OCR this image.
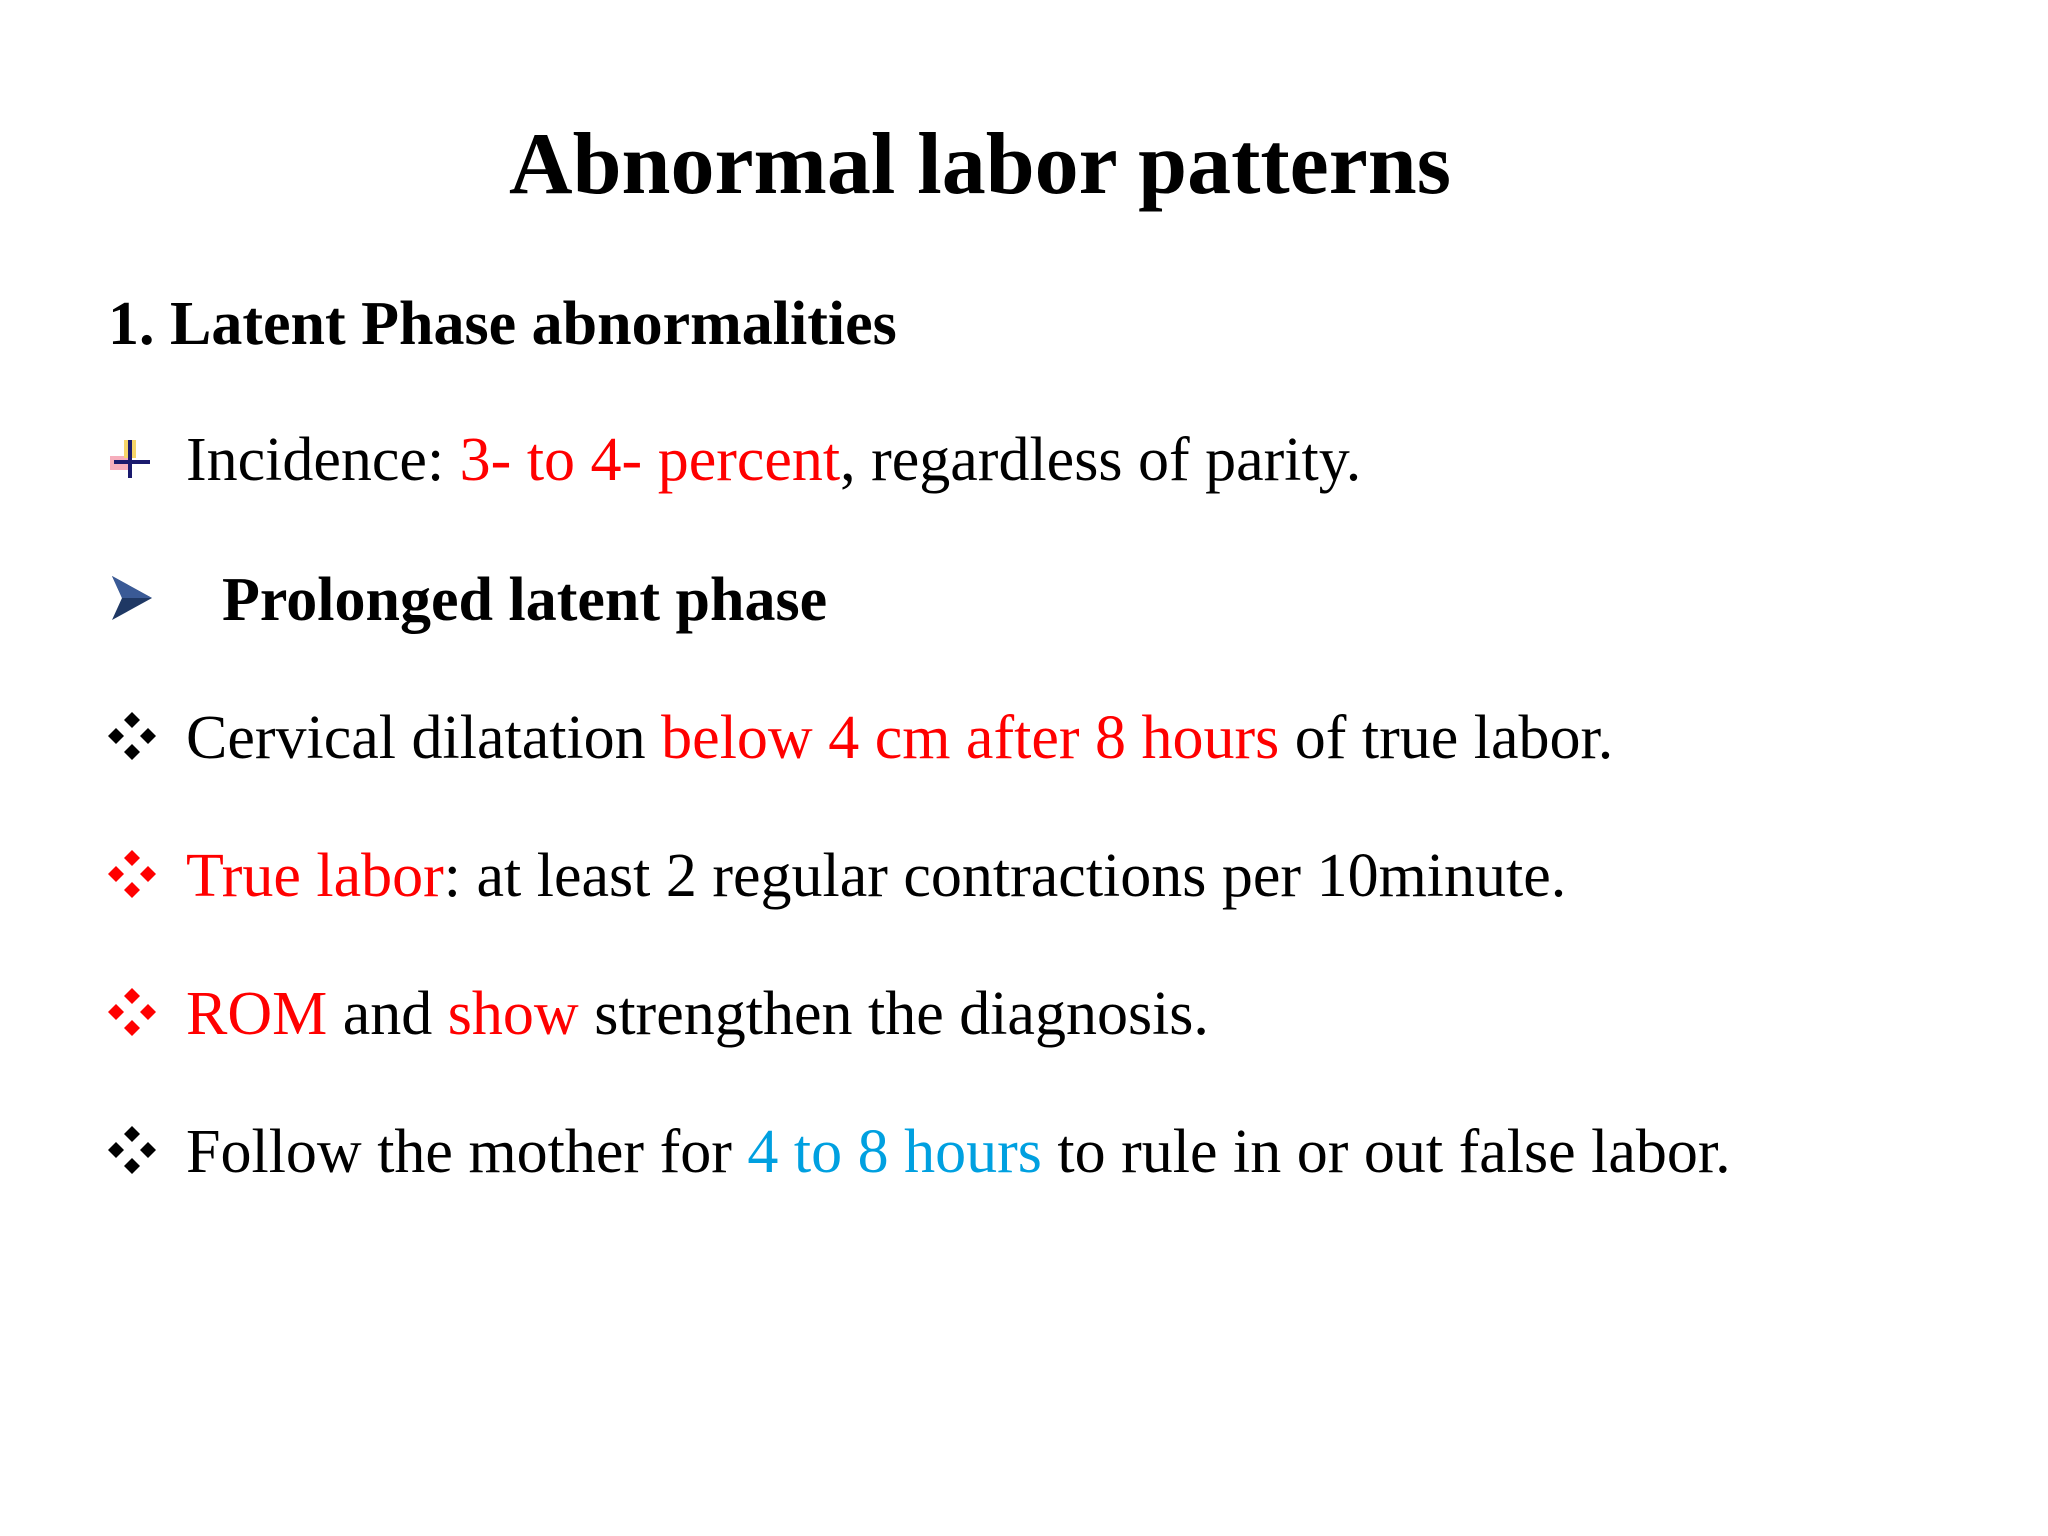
Abnormal labor patterns
1. Latent Phase abnormalities
Incidence: 3- to 4- percent, regardless of parity.
Prolonged latent phase
Cervical dilatation below 4 cm after 8 hours of true labor.
True labor: at least 2 regular contractions per 10minute.
ROM and show strengthen the diagnosis.
Follow the mother for 4 to 8 hours to rule in or out false labor.
